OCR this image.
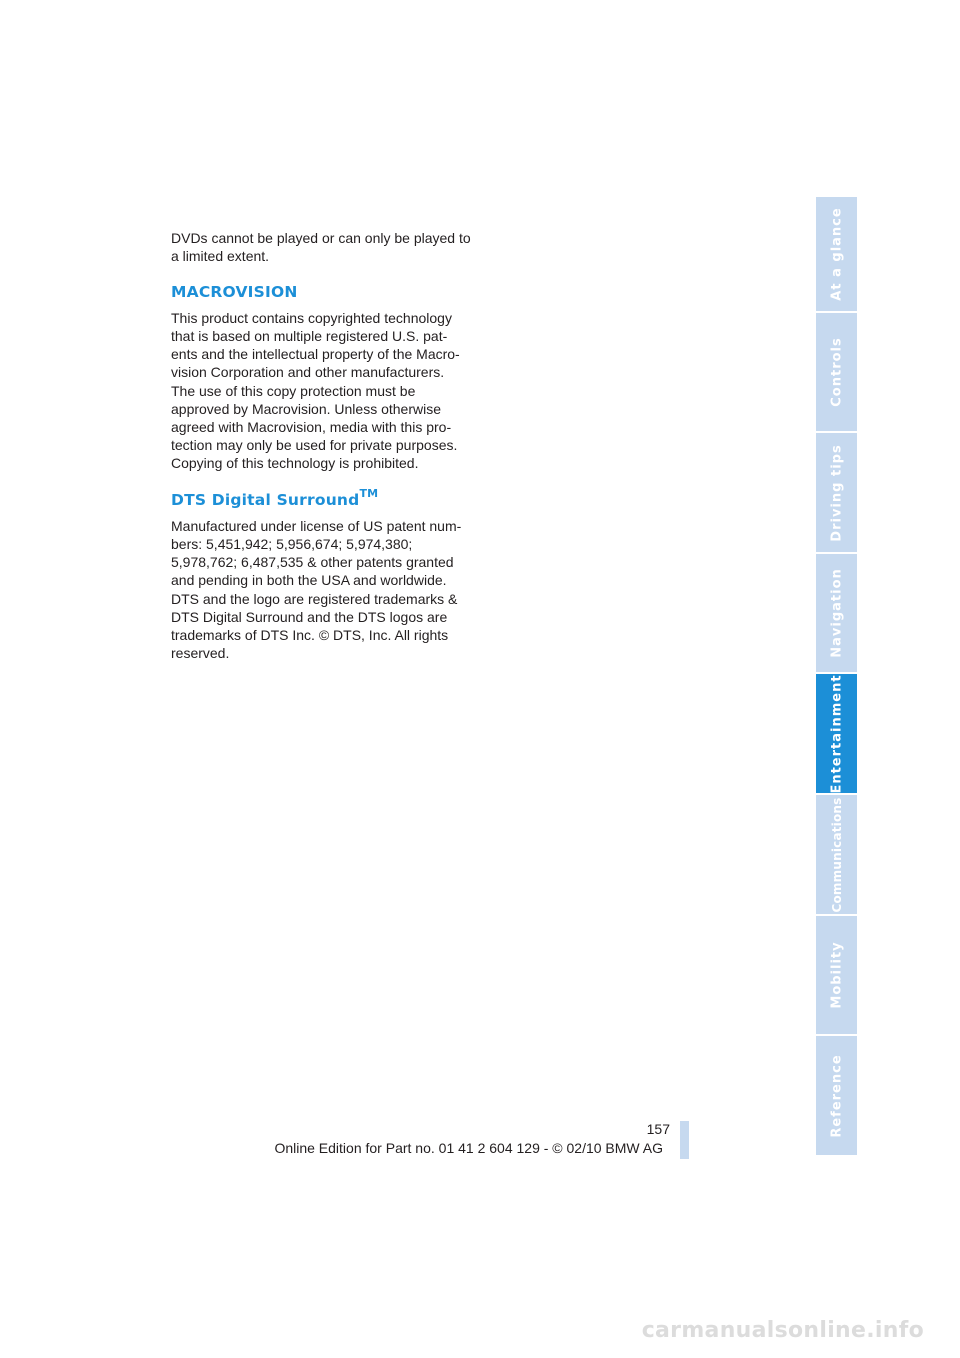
DVDs cannot be played or can only be played to

a limited extent.

MACROVISION

This product contains copyrighted technology

that is based on multiple registered U.S. pat-

ents and the intellectual property of the Macro-

vision Corporation and other manufacturers.

The use of this copy protection must be

approved by Macrovision. Unless otherwise

agreed with Macrovision, media with this pro-

tection may only be used for private purposes.

Copying of this technology is prohibited.

DTS Digital Surround™

Manufactured under license of US patent num-

bers: 5,451,942; 5,956,674; 5,974,380;

5,978,762; 6,487,535 & other patents granted

and pending in both the USA and worldwide.

DTS and the logo are registered trademarks &

DTS Digital Surround and the DTS logos are

trademarks of DTS Inc. © DTS, Inc. All rights

reserved.

At a glance
Controls
Driving tips
Navigation
Entertainment
Communications
Mobility
Reference
157
Online Edition for Part no. 01 41 2 604 129 - © 02/10 BMW AG
carmanualsonline.info
